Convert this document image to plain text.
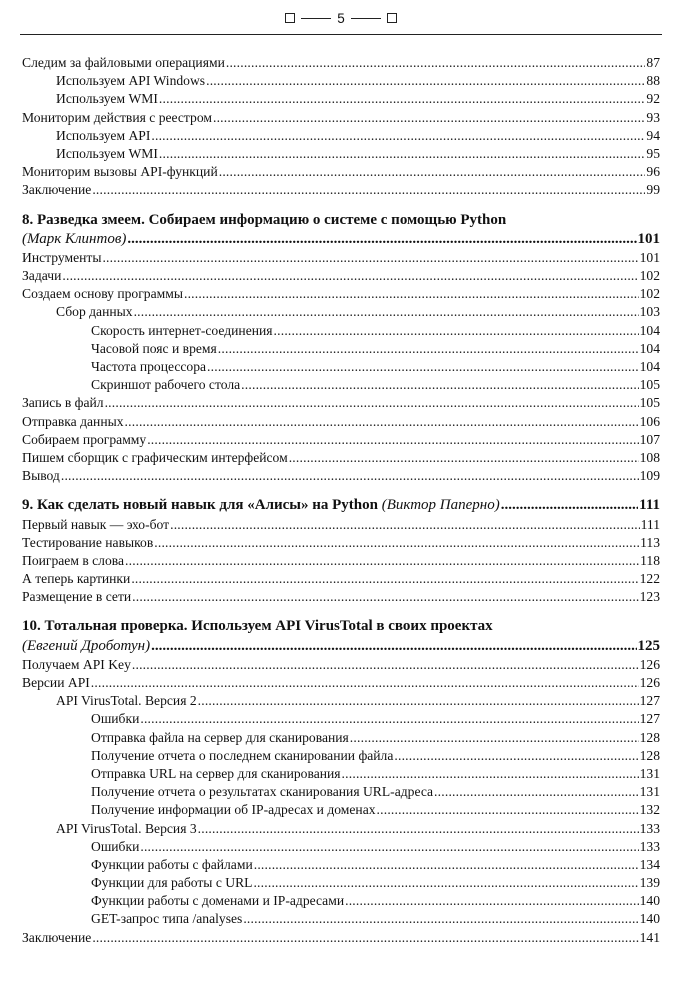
5
Следим за файловыми операциями .....	87
Используем API Windows .....	88
Используем WMI .....	92
Мониторим действия с реестром .....	93
Используем API .....	94
Используем WMI .....	95
Мониторим вызовы API-функций .....	96
Заключение .....	99
8. Разведка змеем. Собираем информацию о системе с помощью Python
(Марк Клинтов) .....	101
Инструменты .....	101
Задачи .....	102
Создаем основу программы .....	102
Сбор данных .....	103
Скорость интернет-соединения .....	104
Часовой пояс и время .....	104
Частота процессора .....	104
Скриншот рабочего стола .....	105
Запись в файл .....	105
Отправка данных .....	106
Собираем программу .....	107
Пишем сборщик с графическим интерфейсом .....	108
Вывод .....	109
9. Как сделать новый навык для «Алисы» на Python (Виктор Паперно) .....	111
Первый навык — эхо-бот .....	111
Тестирование навыков .....	113
Поиграем в слова .....	118
А теперь картинки .....	122
Размещение в сети .....	123
10. Тотальная проверка. Используем API VirusTotal в своих проектах
(Евгений Дроботун) .....	125
Получаем API Key .....	126
Версии API .....	126
API VirusTotal. Версия 2 .....	127
Ошибки .....	127
Отправка файла на сервер для сканирования .....	128
Получение отчета о последнем сканировании файла .....	128
Отправка URL на сервер для сканирования .....	131
Получение отчета о результатах сканирования URL-адреса .....	131
Получение информации об IP-адресах и доменах .....	132
API VirusTotal. Версия 3 .....	133
Ошибки .....	133
Функции работы с файлами .....	134
Функции для работы с URL .....	139
Функции работы с доменами и IP-адресами .....	140
GET-запрос типа /analyses .....	140
Заключение .....	141
